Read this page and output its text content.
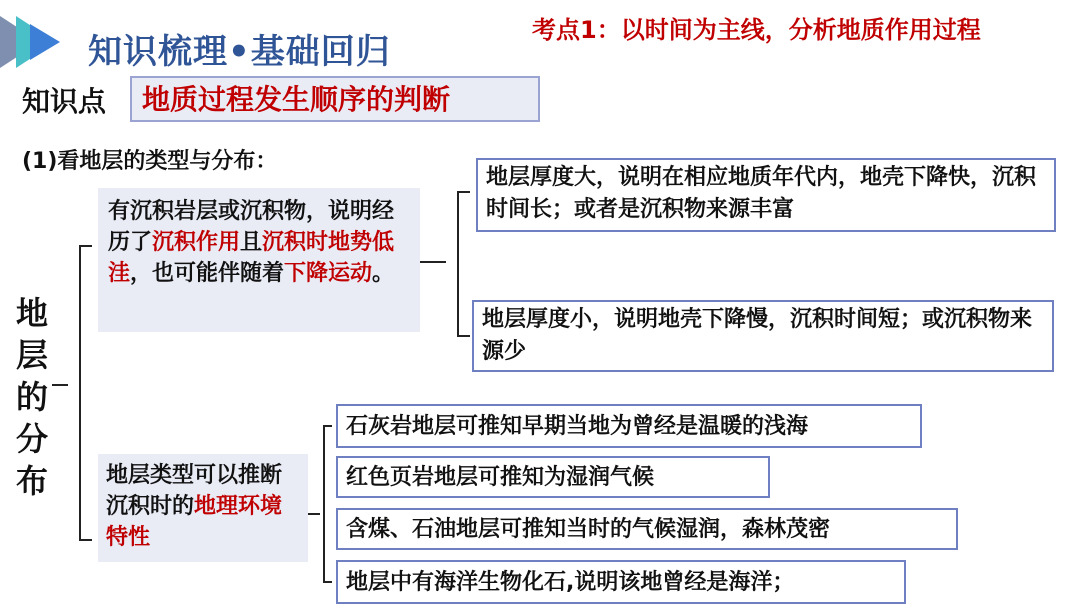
知识梳理•基础回归
考点1：以时间为主线，分析地质作用过程
知识点	地质过程发生顺序的判断
(1)看地层的类型与分布：
地
层
的
分
布
有沉积岩层或沉积物，说明经历了沉积作用且沉积时地势低洼，也可能伴随着下降运动。
地层类型可以推断沉积时的地理环境特性
地层厚度大，说明在相应地质年代内，地壳下降快，沉积时间长；或者是沉积物来源丰富
地层厚度小，说明地壳下降慢，沉积时间短；或沉积物来源少
石灰岩地层可推知早期当地为曾经是温暖的浅海
红色页岩地层可推知为湿润气候
含煤、石油地层可推知当时的气候湿润，森林茂密
地层中有海洋生物化石,说明该地曾经是海洋；
